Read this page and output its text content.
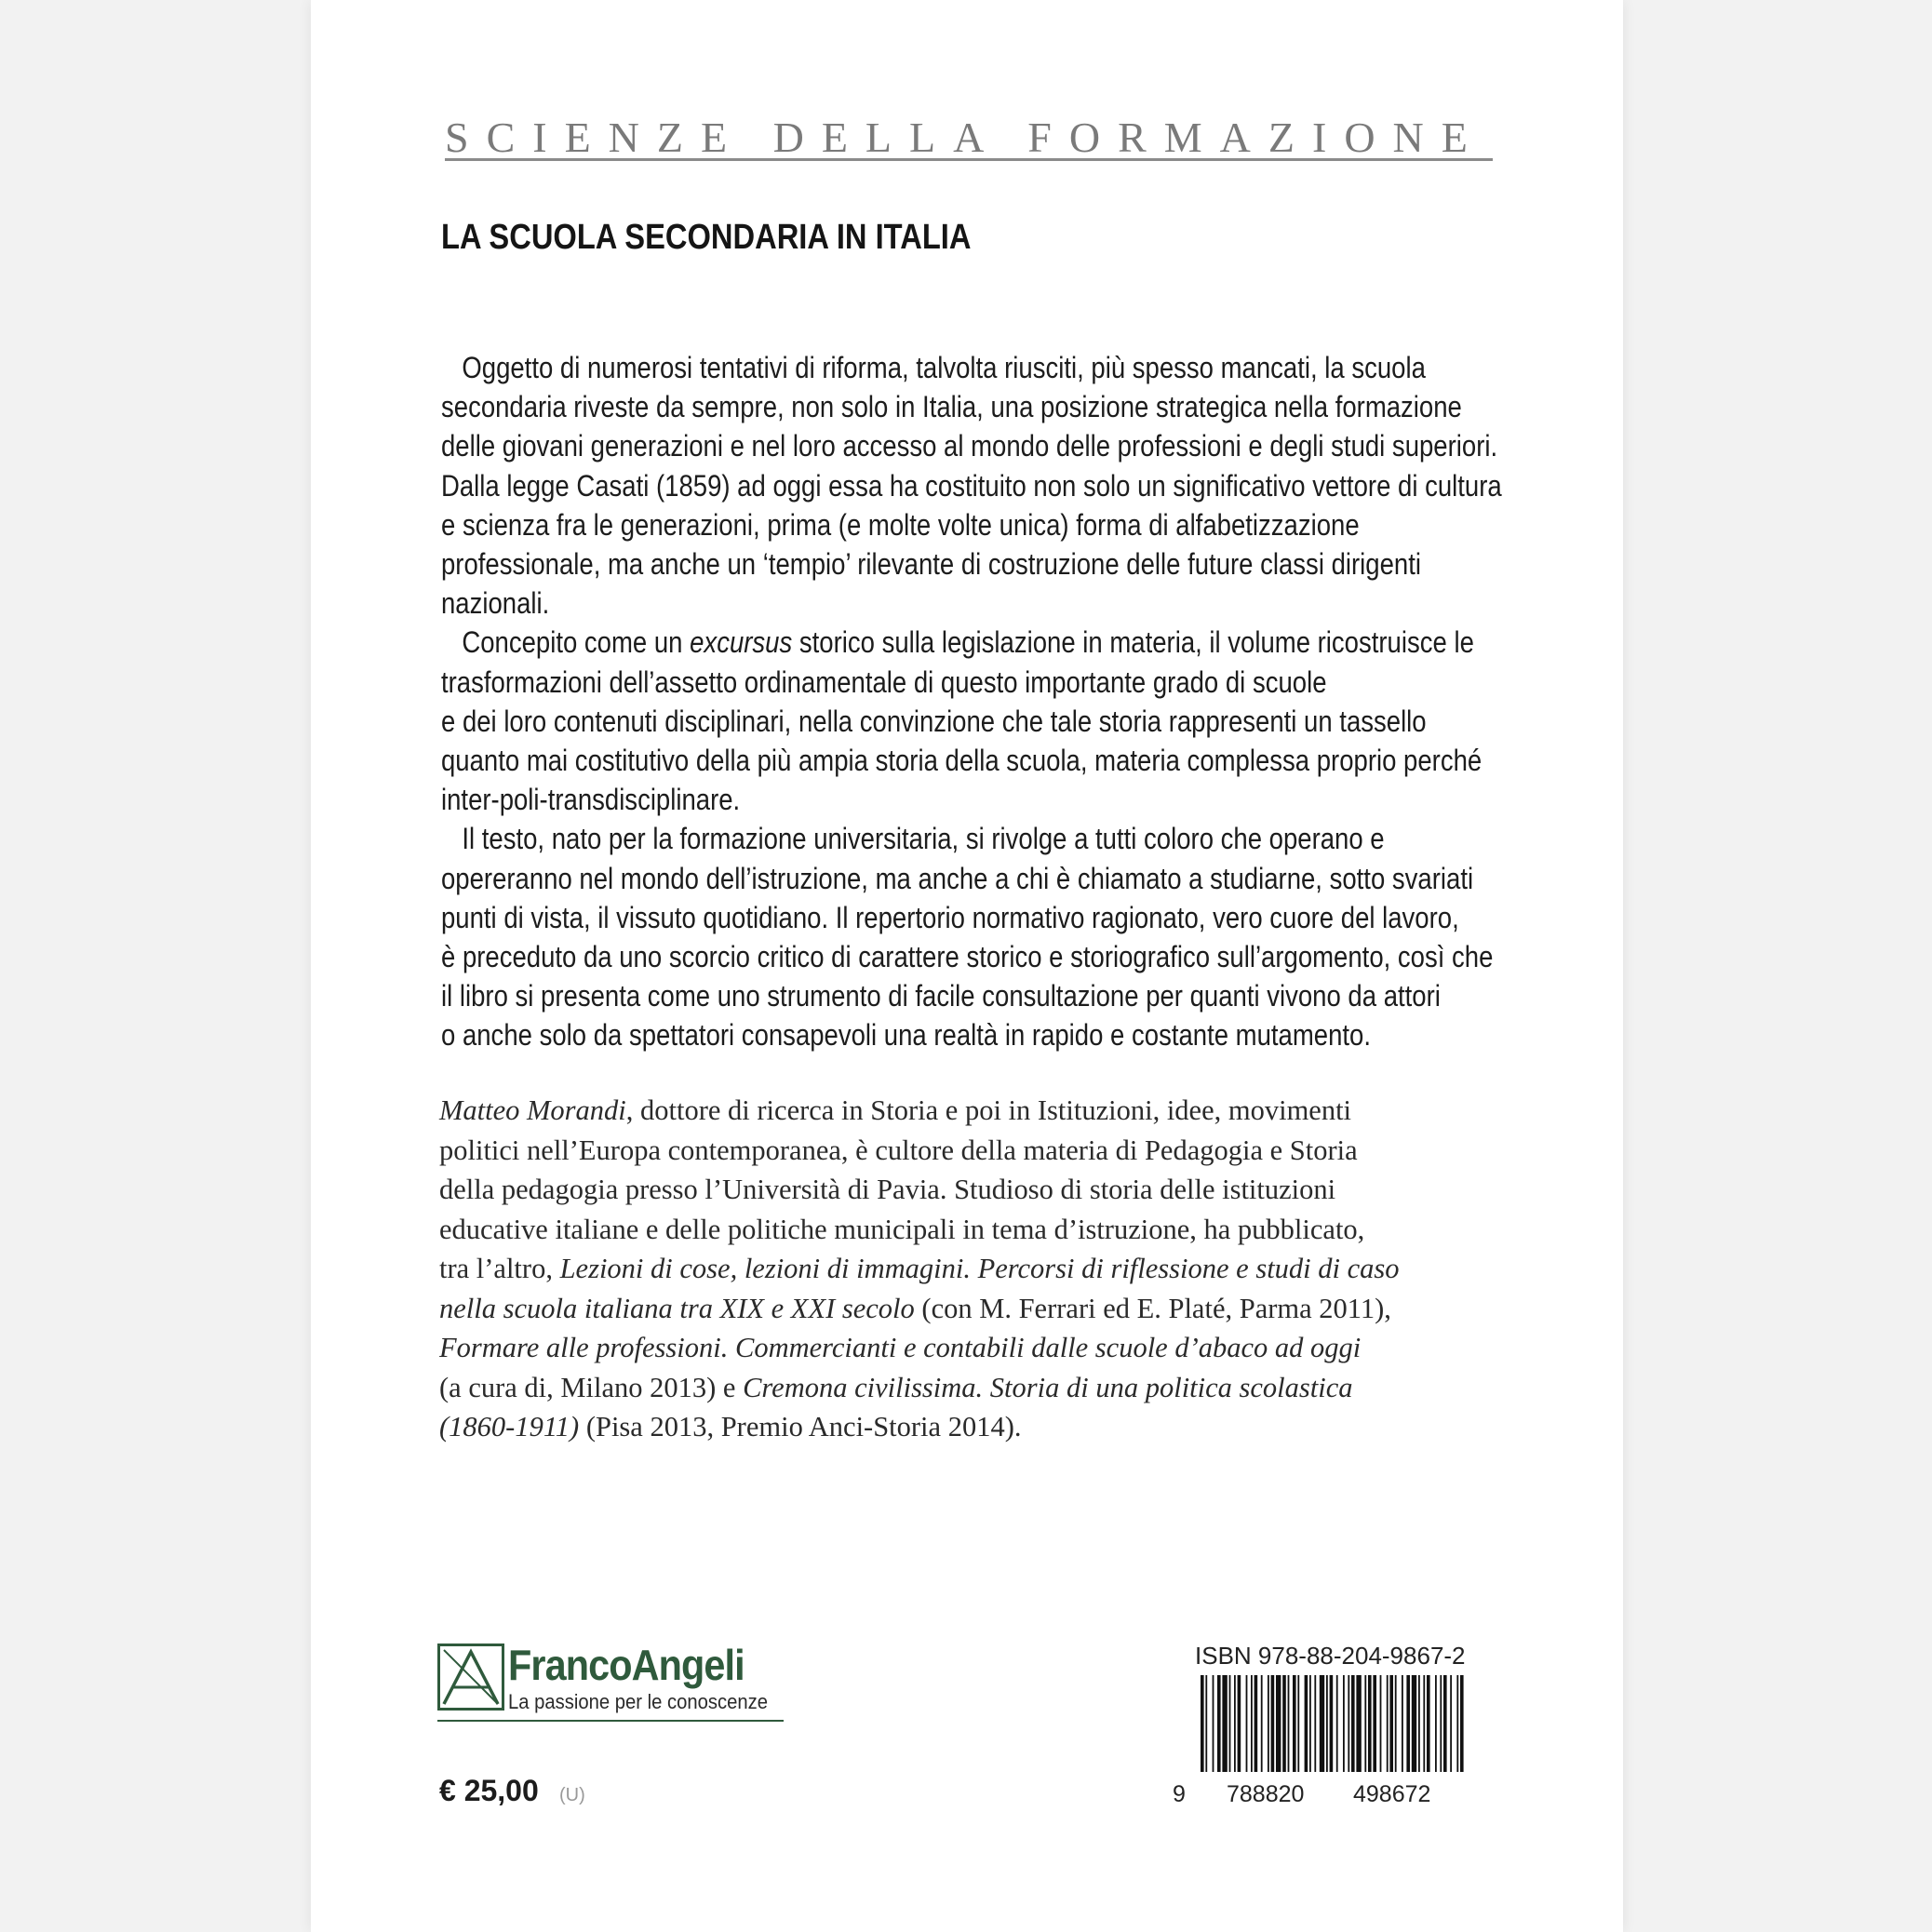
SCIENZE DELLA FORMAZIONE
LA SCUOLA SECONDARIA IN ITALIA
Oggetto di numerosi tentativi di riforma, talvolta riusciti, più spesso mancati, la scuola
secondaria riveste da sempre, non solo in Italia, una posizione strategica nella formazione
delle giovani generazioni e nel loro accesso al mondo delle professioni e degli studi superiori.
Dalla legge Casati (1859) ad oggi essa ha costituito non solo un significativo vettore di cultura
e scienza fra le generazioni, prima (e molte volte unica) forma di alfabetizzazione
professionale, ma anche un ‘tempio’ rilevante di costruzione delle future classi dirigenti
nazionali.
Concepito come un excursus storico sulla legislazione in materia, il volume ricostruisce le
trasformazioni dell’assetto ordinamentale di questo importante grado di scuole
e dei loro contenuti disciplinari, nella convinzione che tale storia rappresenti un tassello
quanto mai costitutivo della più ampia storia della scuola, materia complessa proprio perché
inter-poli-transdisciplinare.
Il testo, nato per la formazione universitaria, si rivolge a tutti coloro che operano e
opereranno nel mondo dell’istruzione, ma anche a chi è chiamato a studiarne, sotto svariati
punti di vista, il vissuto quotidiano. Il repertorio normativo ragionato, vero cuore del lavoro,
è preceduto da uno scorcio critico di carattere storico e storiografico sull’argomento, così che
il libro si presenta come uno strumento di facile consultazione per quanti vivono da attori
o anche solo da spettatori consapevoli una realtà in rapido e costante mutamento.
Matteo Morandi, dottore di ricerca in Storia e poi in Istituzioni, idee, movimenti
politici nell’Europa contemporanea, è cultore della materia di Pedagogia e Storia
della pedagogia presso l’Università di Pavia. Studioso di storia delle istituzioni
educative italiane e delle politiche municipali in tema d’istruzione, ha pubblicato,
tra l’altro, Lezioni di cose, lezioni di immagini. Percorsi di riflessione e studi di caso
nella scuola italiana tra XIX e XXI secolo (con M. Ferrari ed E. Platé, Parma 2011),
Formare alle professioni. Commercianti e contabili dalle scuole d’abaco ad oggi
(a cura di, Milano 2013) e Cremona civilissima. Storia di una politica scolastica
(1860-1911) (Pisa 2013, Premio Anci-Storia 2014).
FrancoAngeli
La passione per le conoscenze
ISBN 978-88-204-9867-2
9 788820 498672
€ 25,00 (U)
